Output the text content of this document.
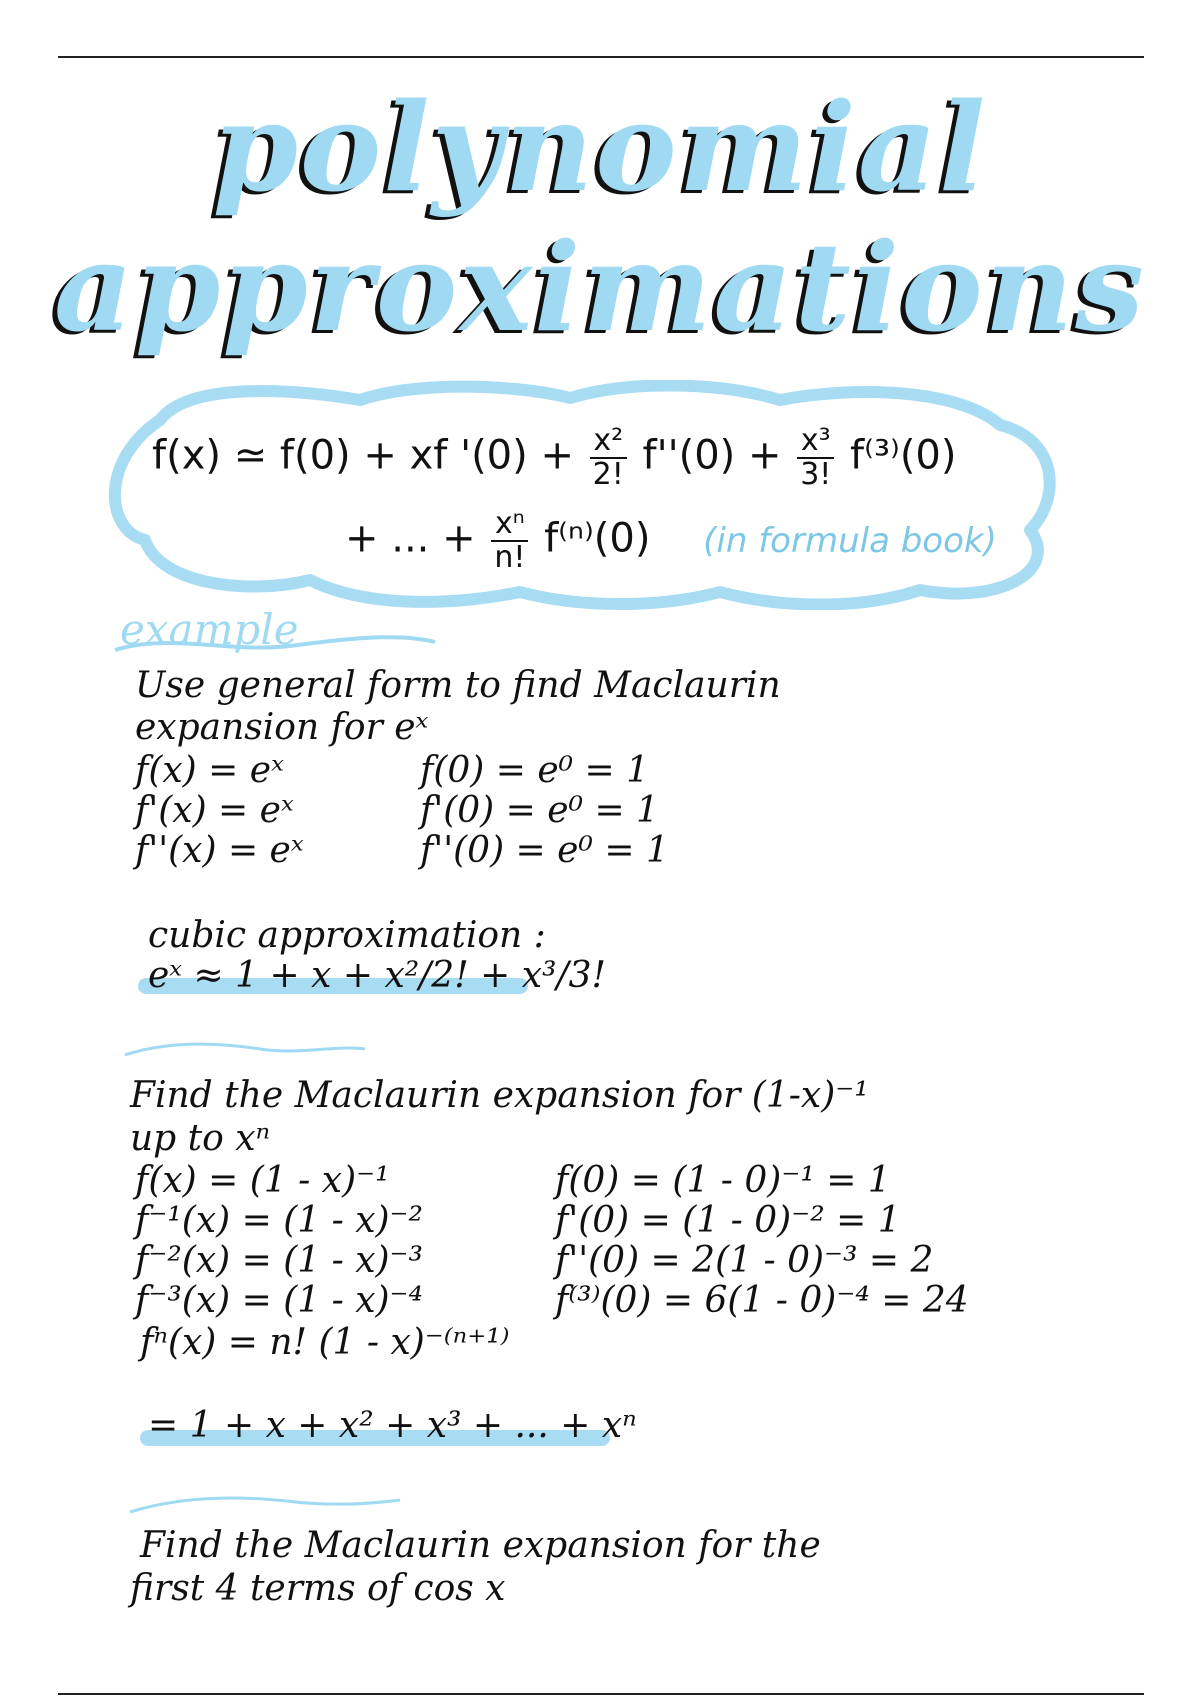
polynomial
approximations
f(x) ≃ f(0) + xf '$(0) + \frac{\text{x²}}{2!} f''(0) + \frac{\text{x³}}{3!} f^{(3)}(0)$
+ ... + $\frac{\text{xⁿ}}{n!} f^{(n)}(0)$ (in formula book)
example
Use general form to find Maclaurin
expansion for eˣ
f(x) = eˣ
f'(x) = eˣ
f''(x) = eˣ
f(0) = e⁰ = 1
f'(0) = e⁰ = 1
f''(0) = e⁰ = 1
cubic approximation :
eˣ ≈ 1 + x + x²/2! + x³/3!
Find the Maclaurin expansion for (1-x)⁻¹
up to xⁿ
f(x) = (1 - x)⁻¹
f⁻¹(x) = (1 - x)⁻²
f⁻²(x) = (1 - x)⁻³
f⁻³(x) = (1 - x)⁻⁴
fⁿ(x) = n! (1 - x)⁻⁽ⁿ⁺¹⁾
f(0) = (1 - 0)⁻¹ = 1
f'(0) = (1 - 0)⁻² = 1
f''(0) = 2(1 - 0)⁻³ = 2
f⁽³⁾(0) = 6(1 - 0)⁻⁴ = 24
= 1 + x + x² + x³ + ... + xⁿ
Find the Maclaurin expansion for the
first 4 terms of cos x
